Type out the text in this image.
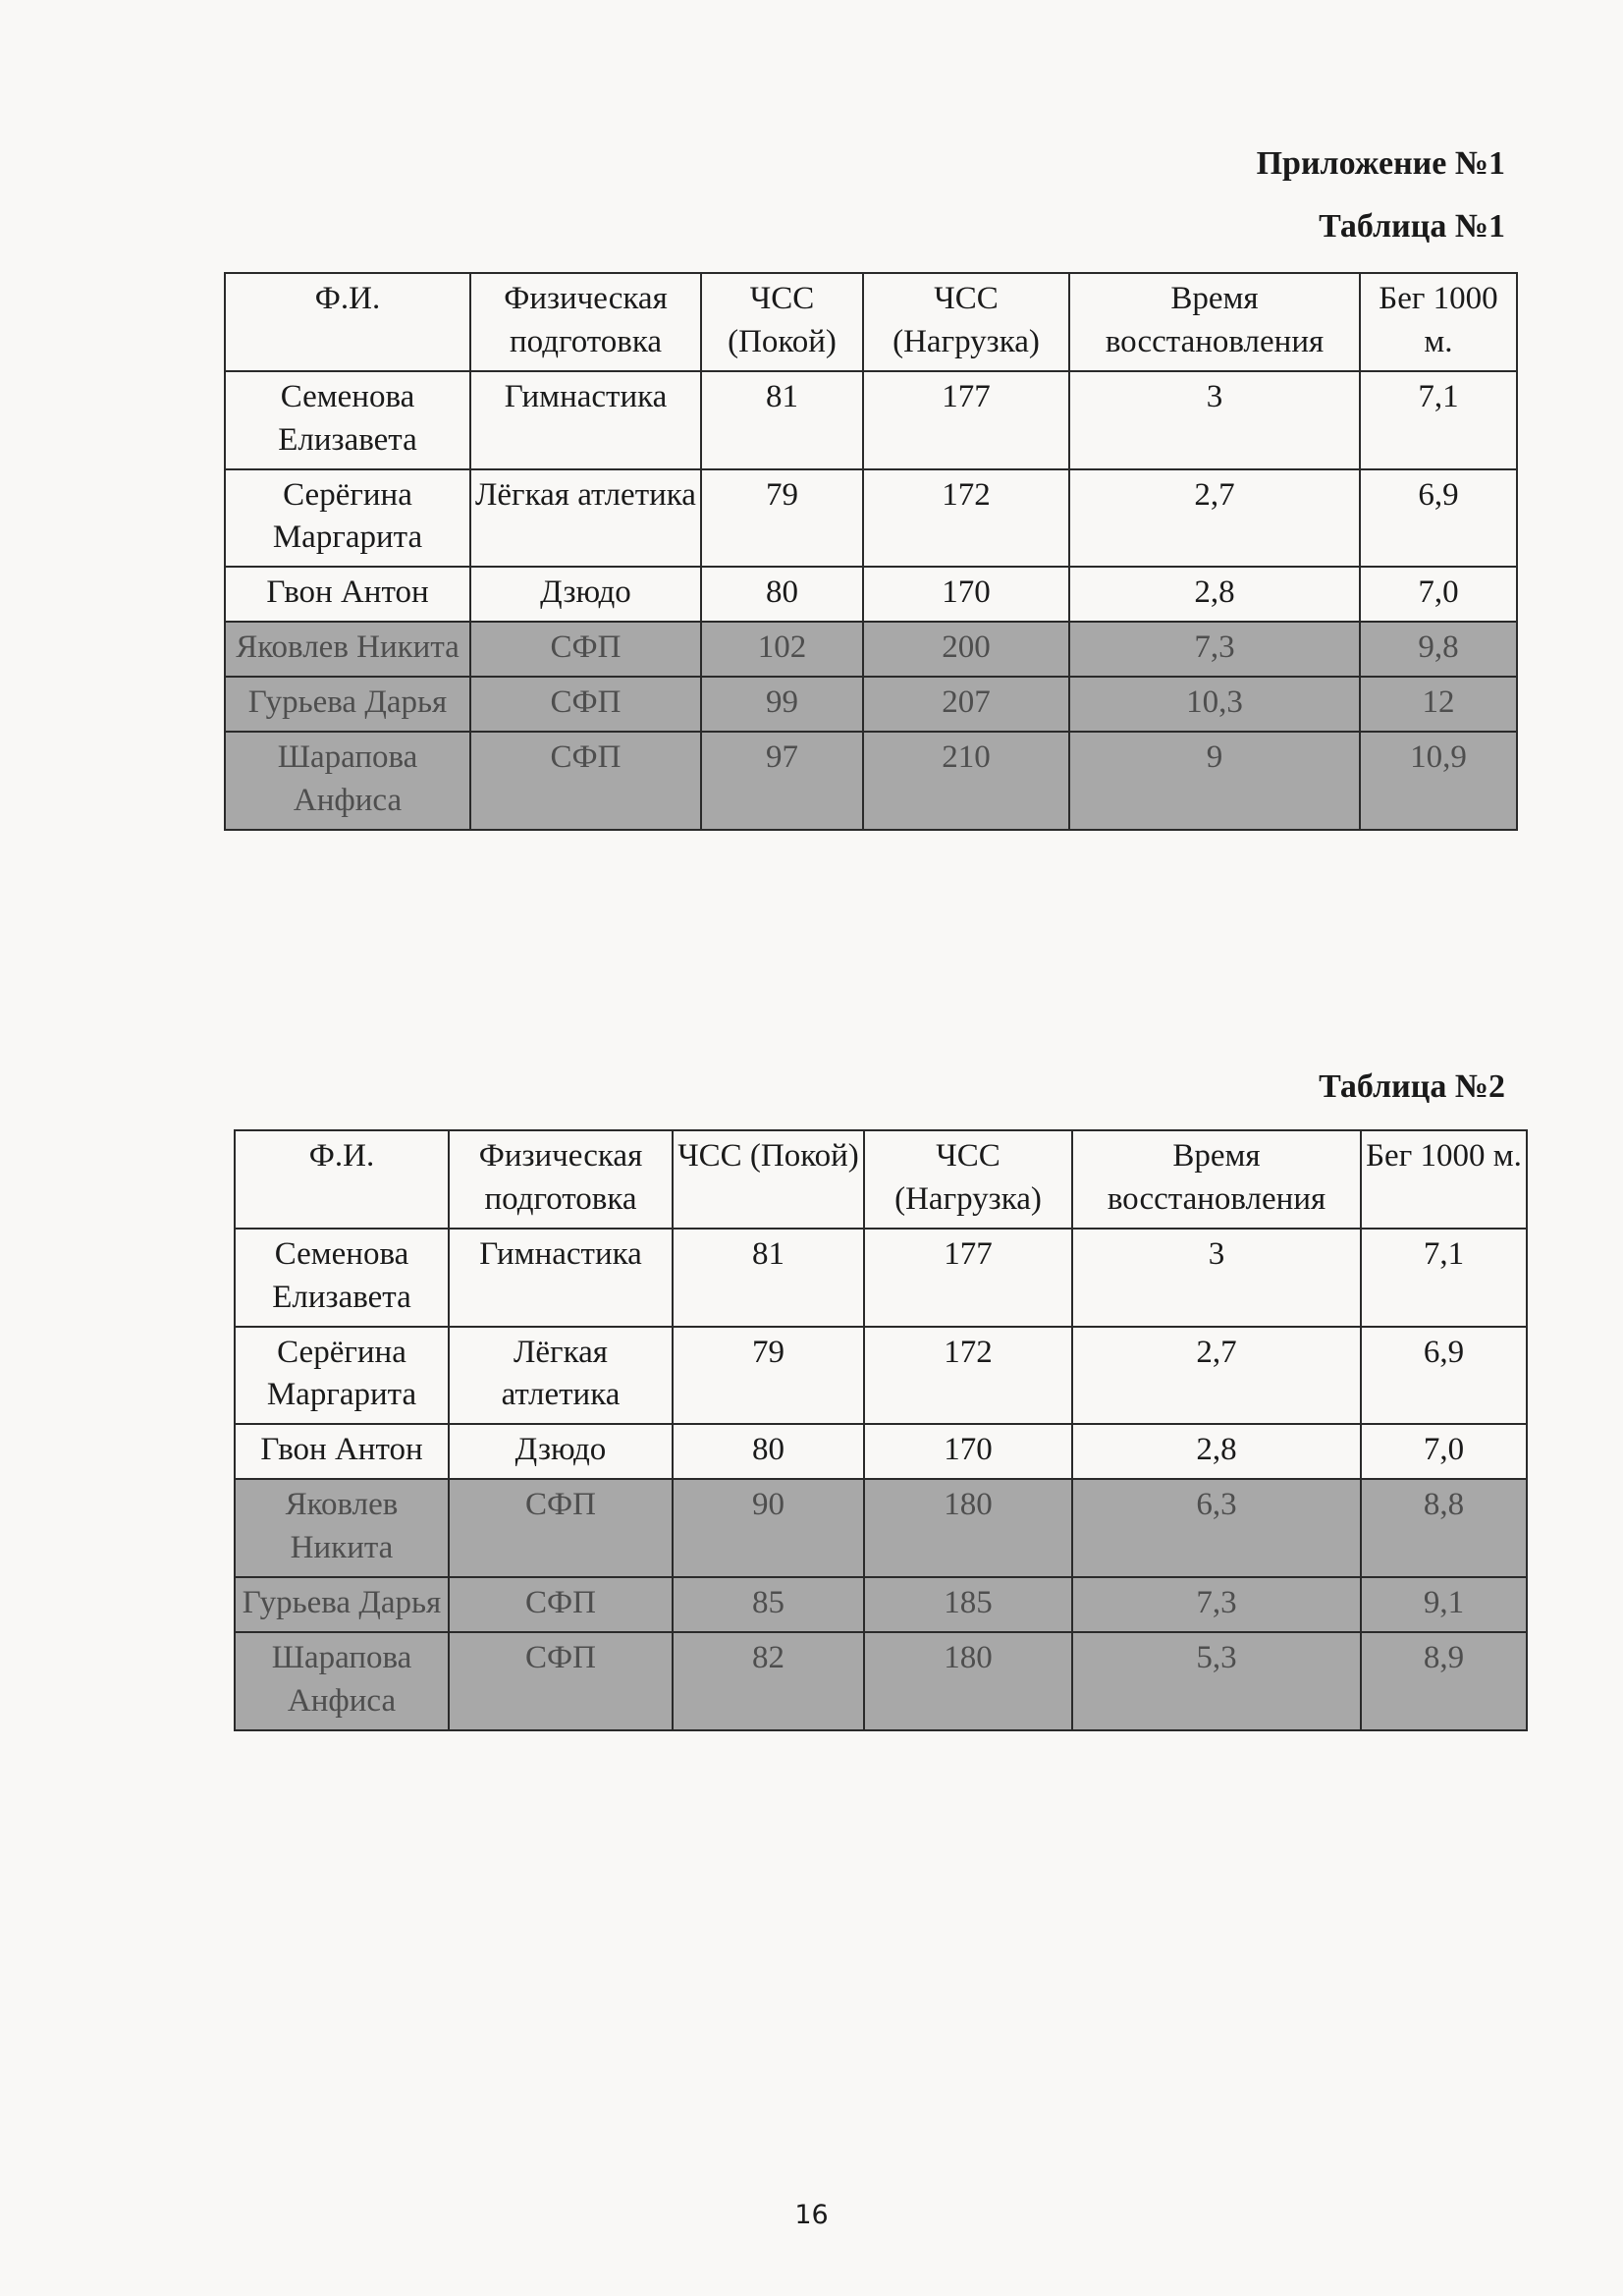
Приложение №1
Таблица №1
Ф.И.	Физическая подготовка	ЧСС (Покой)	ЧСС (Нагрузка)	Время восстановления	Бег 1000 м.
Семенова Елизавета	Гимнастика	81	177	3	7,1
Серёгина Маргарита	Лёгкая атлетика	79	172	2,7	6,9
Гвон Антон	Дзюдо	80	170	2,8	7,0
Яковлев Никита	СФП	102	200	7,3	9,8
Гурьева Дарья	СФП	99	207	10,3	12
Шарапова Анфиса	СФП	97	210	9	10,9
Таблица №2
Ф.И.	Физическая подготовка	ЧСС (Покой)	ЧСС (Нагрузка)	Время восстановления	Бег 1000 м.
Семенова Елизавета	Гимнастика	81	177	3	7,1
Серёгина Маргарита	Лёгкая атлетика	79	172	2,7	6,9
Гвон Антон	Дзюдо	80	170	2,8	7,0
Яковлев Никита	СФП	90	180	6,3	8,8
Гурьева Дарья	СФП	85	185	7,3	9,1
Шарапова Анфиса	СФП	82	180	5,3	8,9
16
